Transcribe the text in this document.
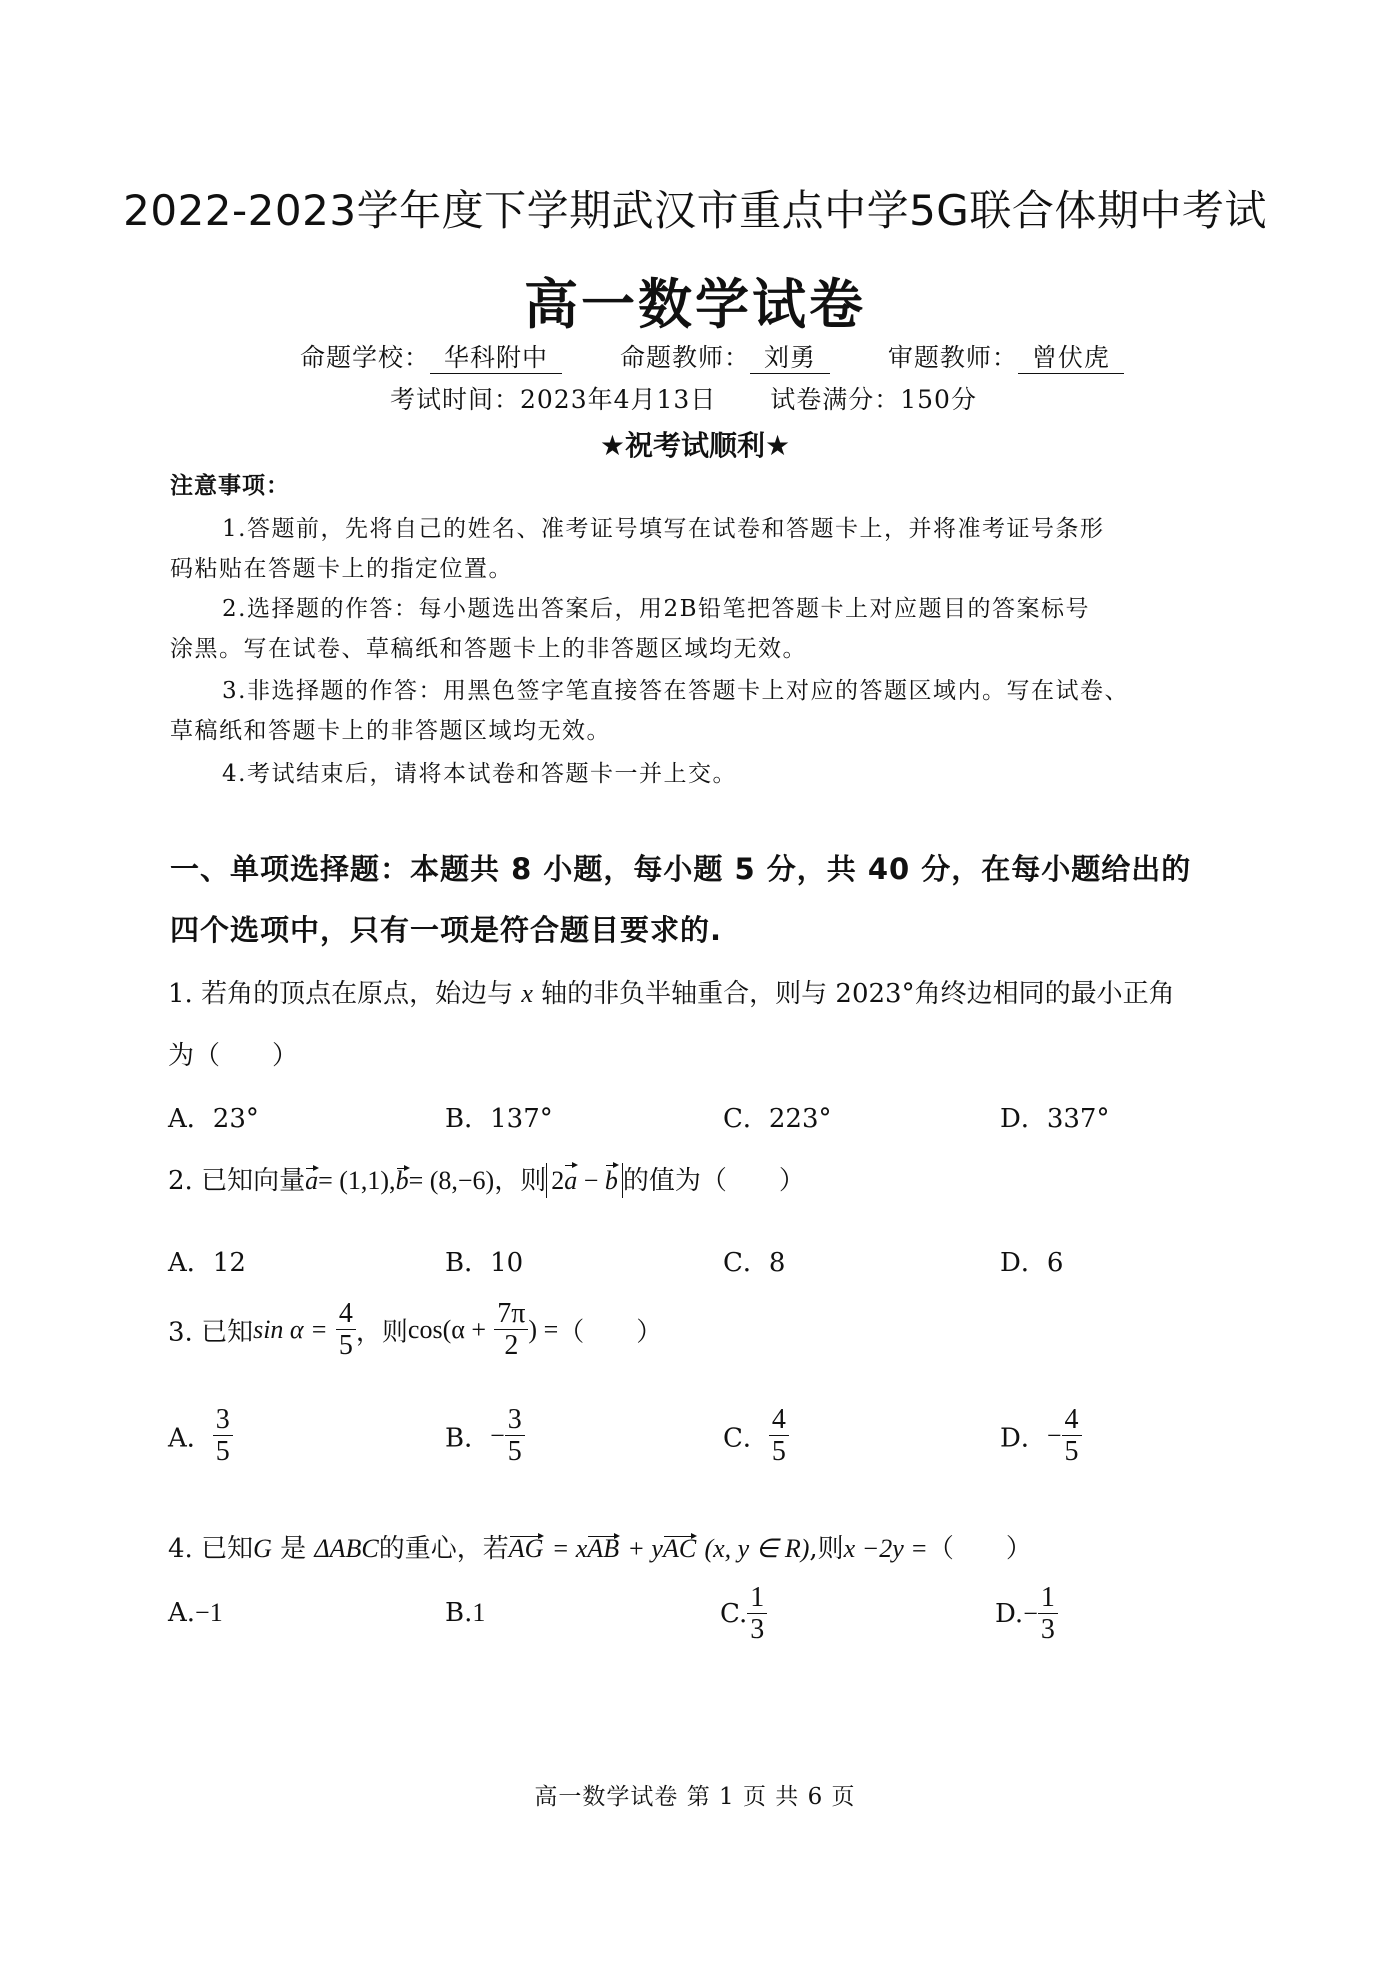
2022-2023学年度下学期武汉市重点中学5G联合体期中考试
高一数学试卷
命题学校： 华科附中	命题教师： 刘勇	审题教师： 曾伏虎
考试时间：2023年4月13日 试卷满分：150分
★祝考试顺利★
注意事项：
1.答题前，先将自己的姓名、准考证号填写在试卷和答题卡上，并将准考证号条形
码粘贴在答题卡上的指定位置。
2.选择题的作答：每小题选出答案后，用2B铅笔把答题卡上对应题目的答案标号
涂黑。写在试卷、草稿纸和答题卡上的非答题区域均无效。
3.非选择题的作答：用黑色签字笔直接答在答题卡上对应的答题区域内。写在试卷、
草稿纸和答题卡上的非答题区域均无效。
4.考试结束后，请将本试卷和答题卡一并上交。
一、单项选择题：本题共 8 小题，每小题 5 分，共 40 分，在每小题给出的
四个选项中，只有一项是符合题目要求的.
1. 若角的顶点在原点，始边与 x 轴的非负半轴重合，则与 2023°角终边相同的最小正角
为（　　）
A．23°	B．137°	C．223°	D．337°
2. 已知向量a= (1,1),b= (8,−6)，则 2a − b 的值为（　　）
A．12	B．10	C．8	D．6
3. 已知$\sin \alpha = \frac{4}{5}$ ，则$\cos(\alpha + \frac{7\pi}{2}$ ) =（　　）
A． $\frac{3}{5}$	B．− $\frac{3}{5}$	C． $\frac{4}{5}$	D．− $\frac{4}{5}$
4. 已知G 是 ΔABC的重心，若AG = xAB + yAC (x, y ∈ R),则x −2y =（　　）
A.−1	B.1	C. $\frac{1}{3}$	$D.- \frac{1}{3}$
高一数学试卷 第 1 页 共 6 页
